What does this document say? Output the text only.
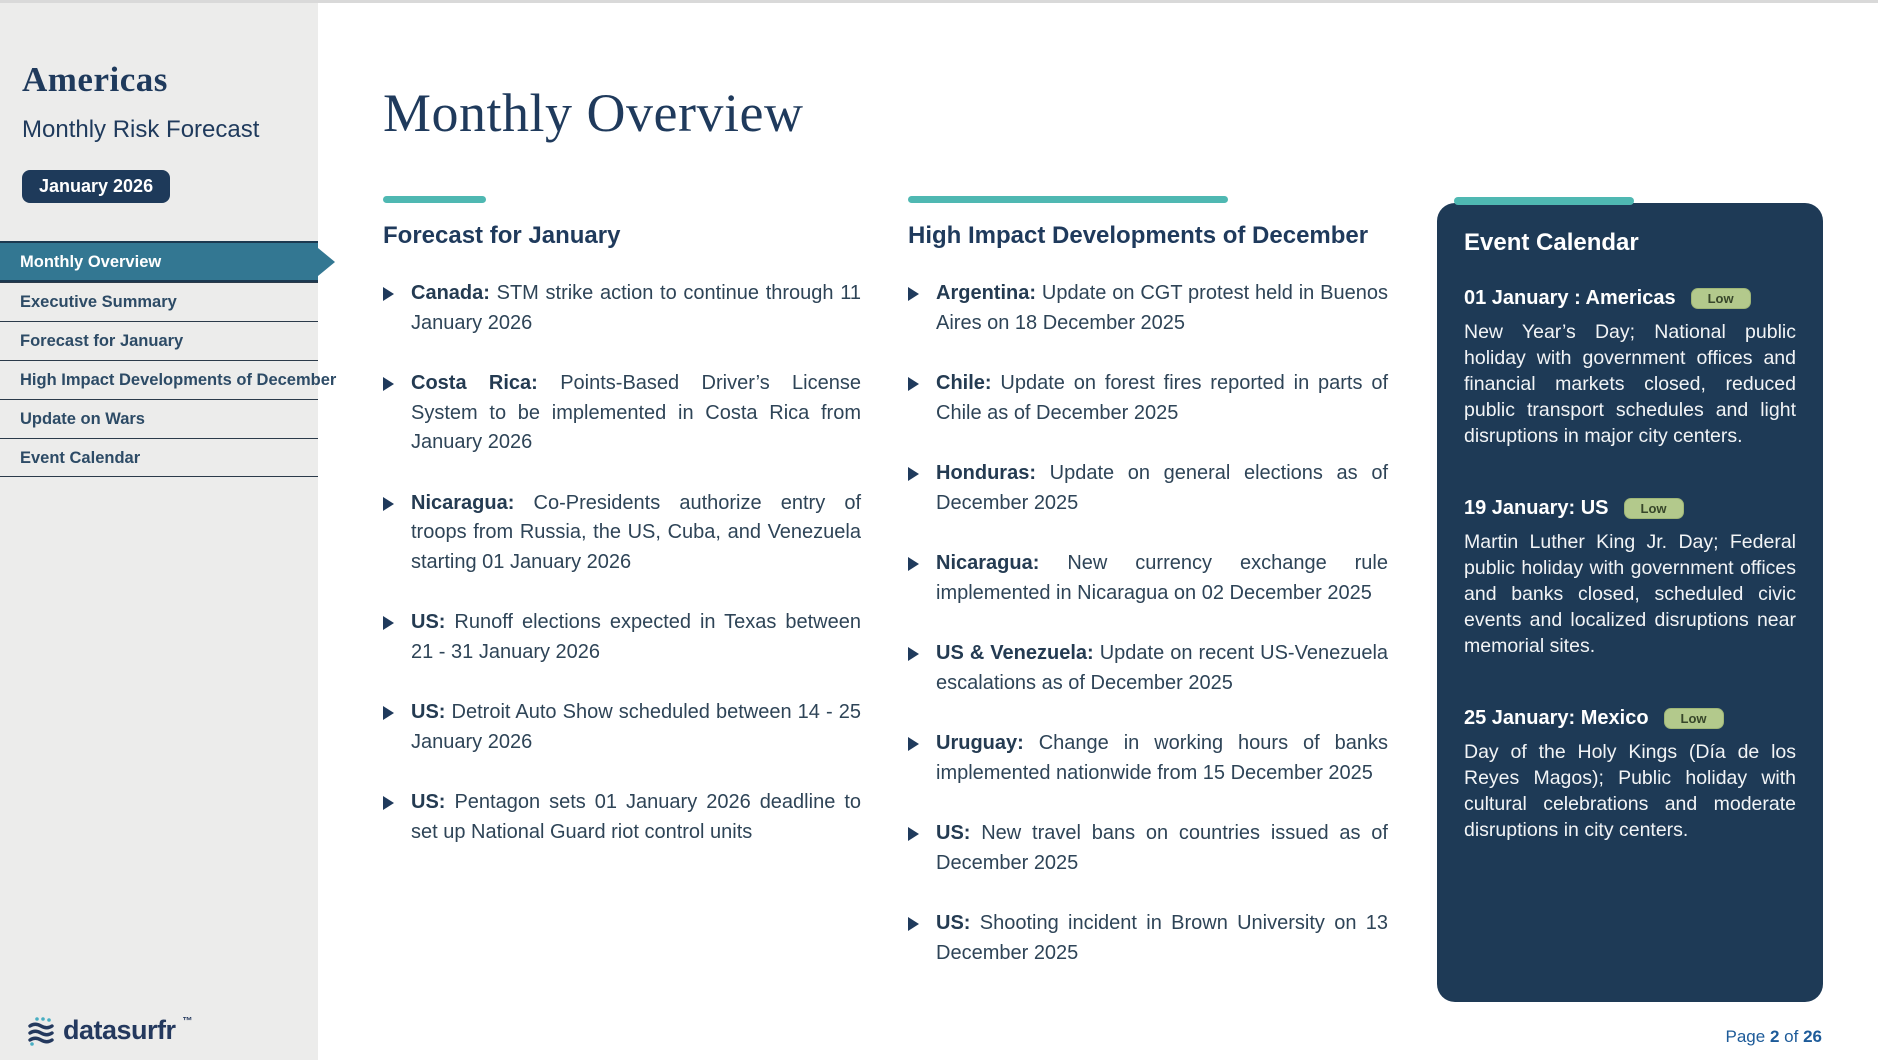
Americas
Monthly Risk Forecast
January 2026
Monthly Overview
Executive Summary
Forecast for January
High Impact Developments of December
Update on Wars
Event Calendar
datasurfr ™
Monthly Overview
Forecast for January

Canada: STM strike action to continue through 11 January 2026

Costa Rica: Points-Based Driver’s License System to be implemented in Costa Rica from January 2026

Nicaragua: Co-Presidents authorize entry of troops from Russia, the US, Cuba, and Venezuela starting 01 January 2026

US: Runoff elections expected in Texas between 21 - 31 January 2026

US: Detroit Auto Show scheduled between 14 - 25 January 2026

US: Pentagon sets 01 January 2026 deadline to set up National Guard riot control units

High Impact Developments of December

Argentina: Update on CGT protest held in Buenos Aires on 18 December 2025

Chile: Update on forest fires reported in parts of Chile as of December 2025

Honduras: Update on general elections as of December 2025

Nicaragua: New currency exchange rule implemented in Nicaragua on 02 December 2025

US & Venezuela: Update on recent US-Venezuela escalations as of December 2025

Uruguay: Change in working hours of banks implemented nationwide from 15 December 2025

US: New travel bans on countries issued as of December 2025

US: Shooting incident in Brown University on 13 December 2025

Event Calendar
01 January : Americas	Low

New Year’s Day; National public holiday with government offices and financial markets closed, reduced public transport schedules and light disruptions in major city centers.

19 January: US	Low

Martin Luther King Jr. Day; Federal public holiday with government offices and banks closed, scheduled civic events and localized disruptions near memorial sites.

25 January: Mexico	Low

Day of the Holy Kings (Día de los Reyes Magos); Public holiday with cultural celebrations and moderate disruptions in city centers.

Page 2 of 26
